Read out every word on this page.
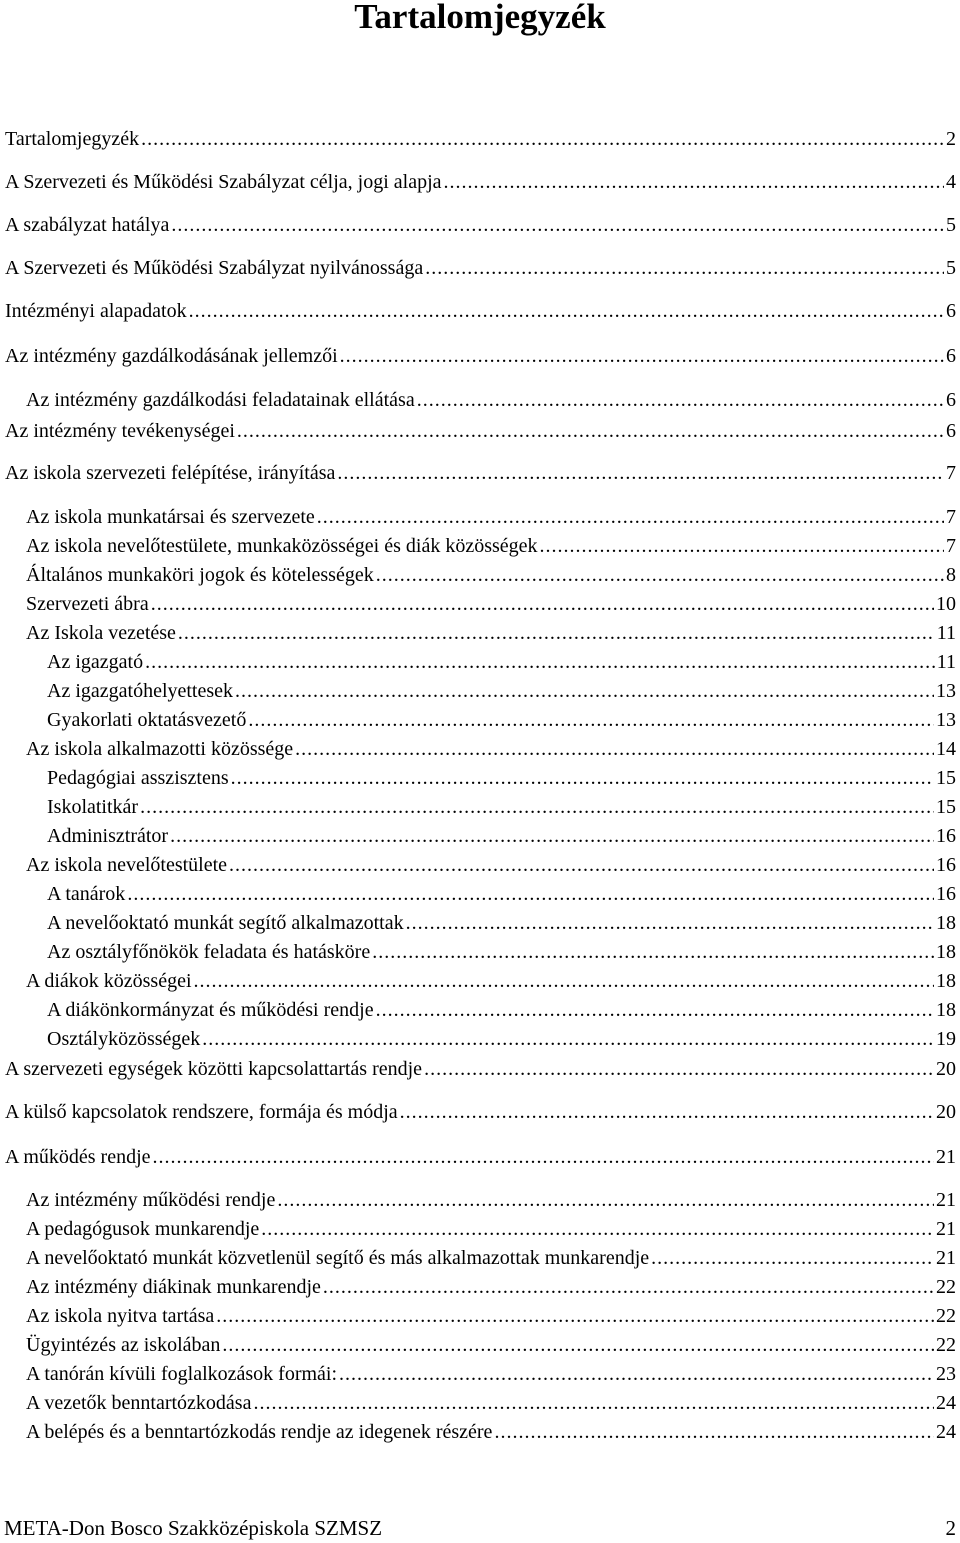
Tartalomjegyzék
Tartalomjegyzék .....	2
A Szervezeti és Működési Szabályzat célja, jogi alapja .....	4
A szabályzat hatálya .....	5
A Szervezeti és Működési Szabályzat nyilvánossága .....	5
Intézményi alapadatok .....	6
Az intézmény gazdálkodásának jellemzői .....	6
Az intézmény gazdálkodási feladatainak ellátása .....	6
Az intézmény tevékenységei .....	6
Az iskola szervezeti felépítése, irányítása .....	7
Az iskola munkatársai és szervezete .....	7
Az iskola nevelőtestülete, munkaközösségei és diák közösségek .....	7
Általános munkaköri jogok és kötelességek .....	8
Szervezeti ábra .....	10
Az Iskola vezetése .....	11
Az igazgató .....	11
Az igazgatóhelyettesek .....	13
Gyakorlati oktatásvezető .....	13
Az iskola alkalmazotti közössége .....	14
Pedagógiai asszisztens .....	15
Iskolatitkár .....	15
Adminisztrátor .....	16
Az iskola nevelőtestülete .....	16
A tanárok .....	16
A nevelőoktató munkát segítő alkalmazottak .....	18
Az osztályfőnökök feladata és hatásköre .....	18
A diákok közösségei .....	18
A diákönkormányzat és működési rendje .....	18
Osztályközösségek .....	19
A szervezeti egységek közötti kapcsolattartás rendje .....	20
A külső kapcsolatok rendszere, formája és módja .....	20
A működés rendje .....	21
Az intézmény működési rendje .....	21
A pedagógusok munkarendje .....	21
A nevelőoktató munkát közvetlenül segítő és más alkalmazottak munkarendje .....	21
Az intézmény diákinak munkarendje .....	22
Az iskola nyitva tartása .....	22
Ügyintézés az iskolában .....	22
A tanórán kívüli foglalkozások formái: .....	23
A vezetők benntartózkodása .....	24
A belépés és a benntartózkodás rendje az idegenek részére .....	24
META-Don Bosco Szakközépiskola SZMSZ	2
